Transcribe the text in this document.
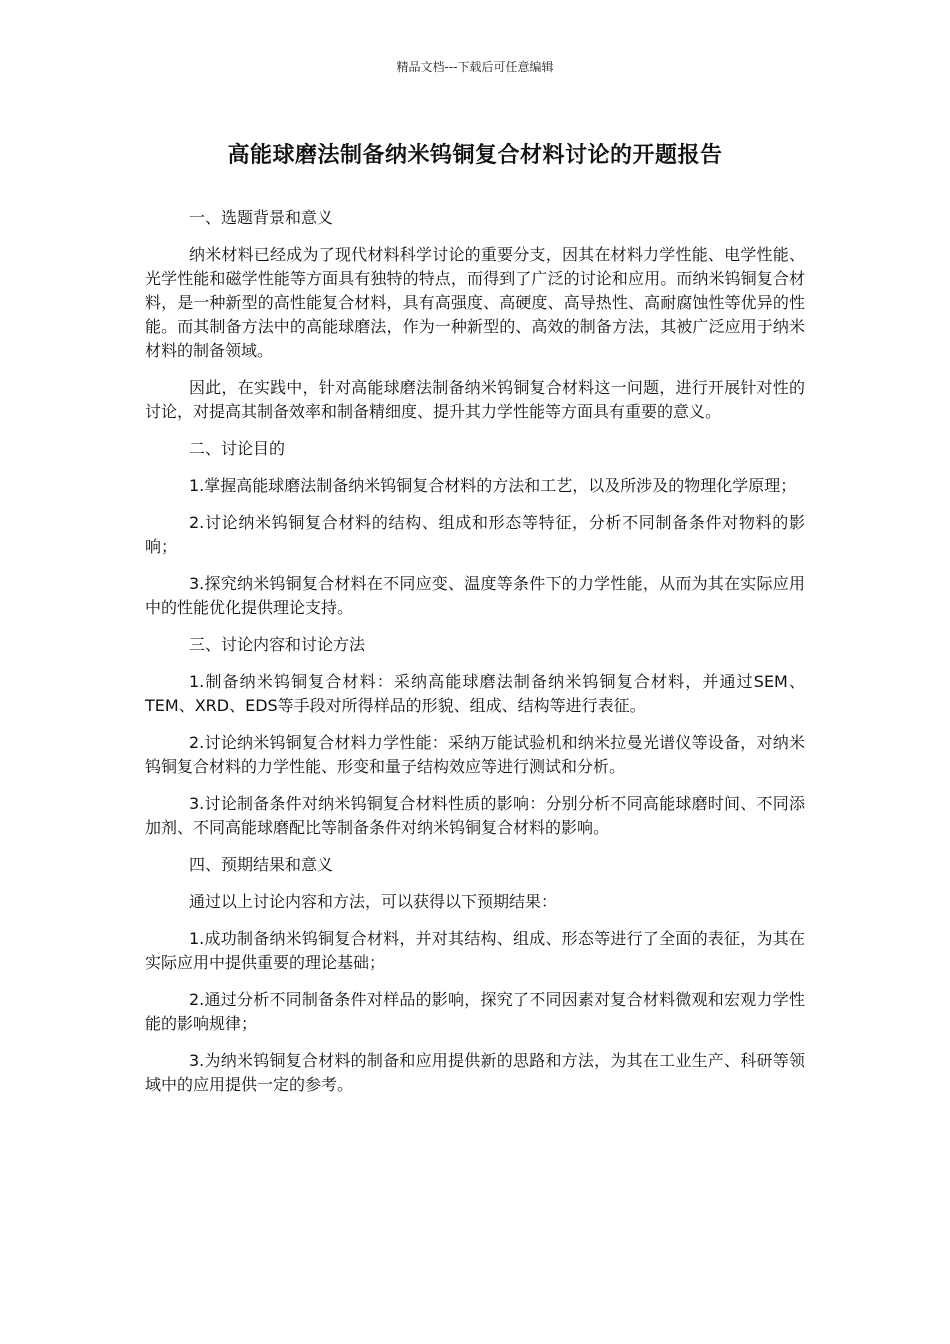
精品文档---下载后可任意编辑
高能球磨法制备纳米钨铜复合材料讨论的开题报告

一、选题背景和意义

纳米材料已经成为了现代材料科学讨论的重要分支，因其在材料力学性能、电学性能、光学性能和磁学性能等方面具有独特的特点，而得到了广泛的讨论和应用。而纳米钨铜复合材料，是一种新型的高性能复合材料，具有高强度、高硬度、高导热性、高耐腐蚀性等优异的性能。而其制备方法中的高能球磨法，作为一种新型的、高效的制备方法，其被广泛应用于纳米材料的制备领域。

因此，在实践中，针对高能球磨法制备纳米钨铜复合材料这一问题，进行开展针对性的讨论，对提高其制备效率和制备精细度、提升其力学性能等方面具有重要的意义。

二、讨论目的

1.掌握高能球磨法制备纳米钨铜复合材料的方法和工艺，以及所涉及的物理化学原理；

2.讨论纳米钨铜复合材料的结构、组成和形态等特征，分析不同制备条件对物料的影响；

3.探究纳米钨铜复合材料在不同应变、温度等条件下的力学性能，从而为其在实际应用中的性能优化提供理论支持。

三、讨论内容和讨论方法

1.制备纳米钨铜复合材料：采纳高能球磨法制备纳米钨铜复合材料，并通过SEM、TEM、XRD、EDS等手段对所得样品的形貌、组成、结构等进行表征。

2.讨论纳米钨铜复合材料力学性能：采纳万能试验机和纳米拉曼光谱仪等设备，对纳米钨铜复合材料的力学性能、形变和量子结构效应等进行测试和分析。

3.讨论制备条件对纳米钨铜复合材料性质的影响：分别分析不同高能球磨时间、不同添加剂、不同高能球磨配比等制备条件对纳米钨铜复合材料的影响。

四、预期结果和意义

通过以上讨论内容和方法，可以获得以下预期结果：

1.成功制备纳米钨铜复合材料，并对其结构、组成、形态等进行了全面的表征，为其在实际应用中提供重要的理论基础；

2.通过分析不同制备条件对样品的影响，探究了不同因素对复合材料微观和宏观力学性能的影响规律；

3.为纳米钨铜复合材料的制备和应用提供新的思路和方法，为其在工业生产、科研等领域中的应用提供一定的参考。
